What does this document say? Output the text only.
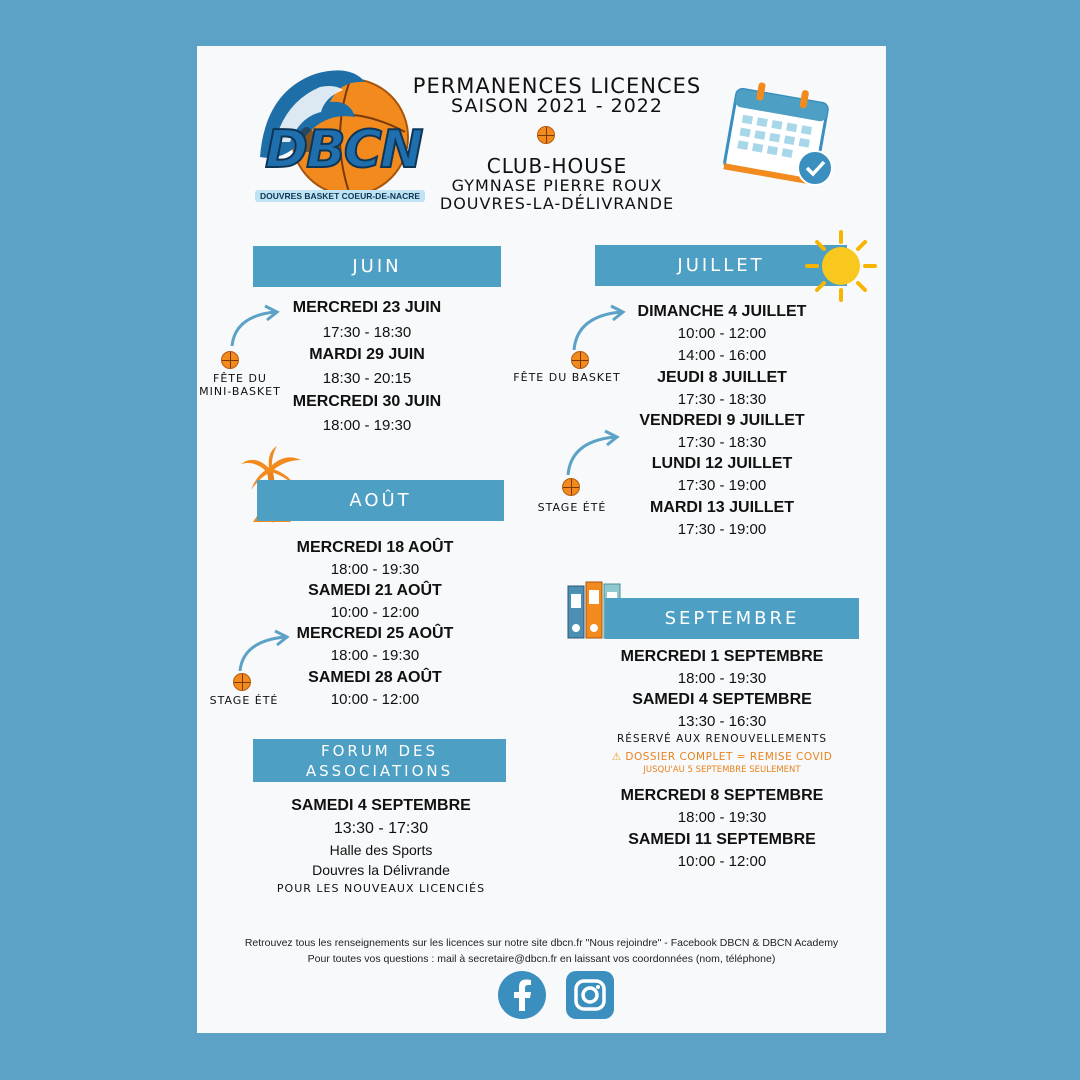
DBCN
DOUVRES BASKET COEUR-DE-NACRE
PERMANENCES LICENCES
SAISON 2021 - 2022
CLUB-HOUSE
GYMNASE PIERRE ROUX
DOUVRES-LA-DÉLIVRANDE
JUIN
FÊTE DU
MINI-BASKET
MERCREDI 23 JUIN
17:30 - 18:30
MARDI 29 JUIN
18:30 - 20:15
MERCREDI 30 JUIN
18:00 - 19:30
JUILLET
FÊTE DU BASKET
STAGE ÉTÉ
DIMANCHE 4 JUILLET
10:00 - 12:00
14:00 - 16:00
JEUDI 8 JUILLET
17:30 - 18:30
VENDREDI 9 JUILLET
17:30 - 18:30
LUNDI 12 JUILLET
17:30 - 19:00
MARDI 13 JUILLET
17:30 - 19:00
AOÛT
STAGE ÉTÉ
MERCREDI 18 AOÛT
18:00 - 19:30
SAMEDI 21 AOÛT
10:00 - 12:00
MERCREDI 25 AOÛT
18:00 - 19:30
SAMEDI 28 AOÛT
10:00 - 12:00
FORUM DES
ASSOCIATIONS
SAMEDI 4 SEPTEMBRE
13:30 - 17:30
Halle des Sports
Douvres la Délivrande
POUR LES NOUVEAUX LICENCIÉS
SEPTEMBRE
MERCREDI 1 SEPTEMBRE
18:00 - 19:30
SAMEDI 4 SEPTEMBRE
13:30 - 16:30
RÉSERVÉ AUX RENOUVELLEMENTS
⚠ DOSSIER COMPLET = REMISE COVID
JUSQU'AU 5 SEPTEMBRE SEULEMENT
MERCREDI 8 SEPTEMBRE
18:00 - 19:30
SAMEDI 11 SEPTEMBRE
10:00 - 12:00
Retrouvez tous les renseignements sur les licences sur notre site dbcn.fr "Nous rejoindre" - Facebook DBCN & DBCN Academy
Pour toutes vos questions : mail à secretaire@dbcn.fr en laissant vos coordonnées (nom, téléphone)
